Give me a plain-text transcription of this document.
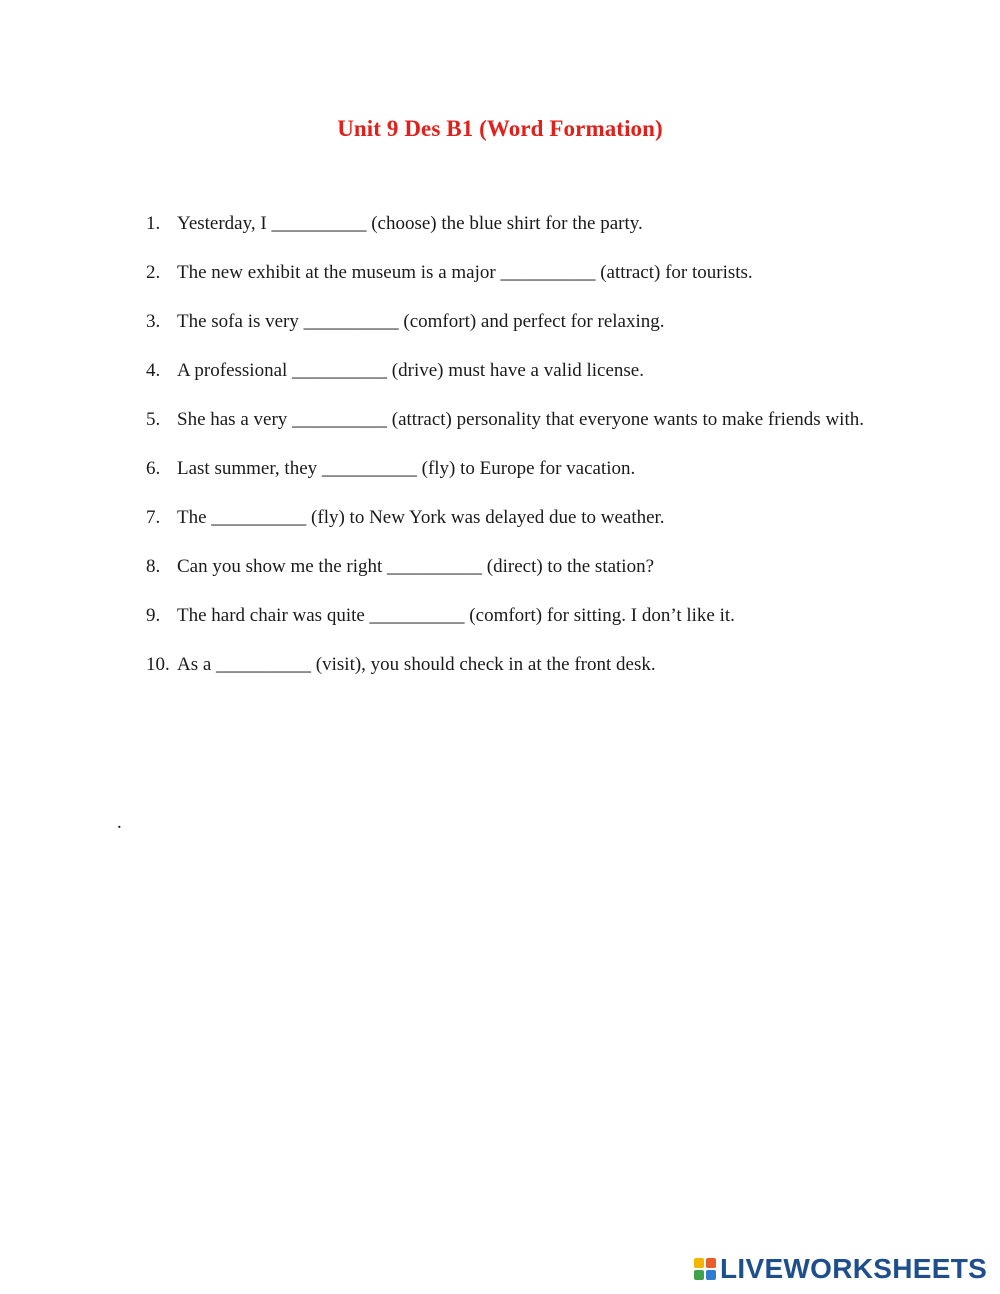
Unit 9 Des B1 (Word Formation)
1. Yesterday, I __________ (choose) the blue shirt for the party.
2. The new exhibit at the museum is a major __________ (attract) for tourists.
3. The sofa is very __________ (comfort) and perfect for relaxing.
4. A professional __________ (drive) must have a valid license.
5. She has a very __________ (attract) personality that everyone wants to make friends with.
6. Last summer, they __________ (fly) to Europe for vacation.
7. The __________ (fly) to New York was delayed due to weather.
8. Can you show me the right __________ (direct) to the station?
9. The hard chair was quite __________ (comfort) for sitting. I don’t like it.
10. As a __________ (visit), you should check in at the front desk.
.
LIVEWORKSHEETS
